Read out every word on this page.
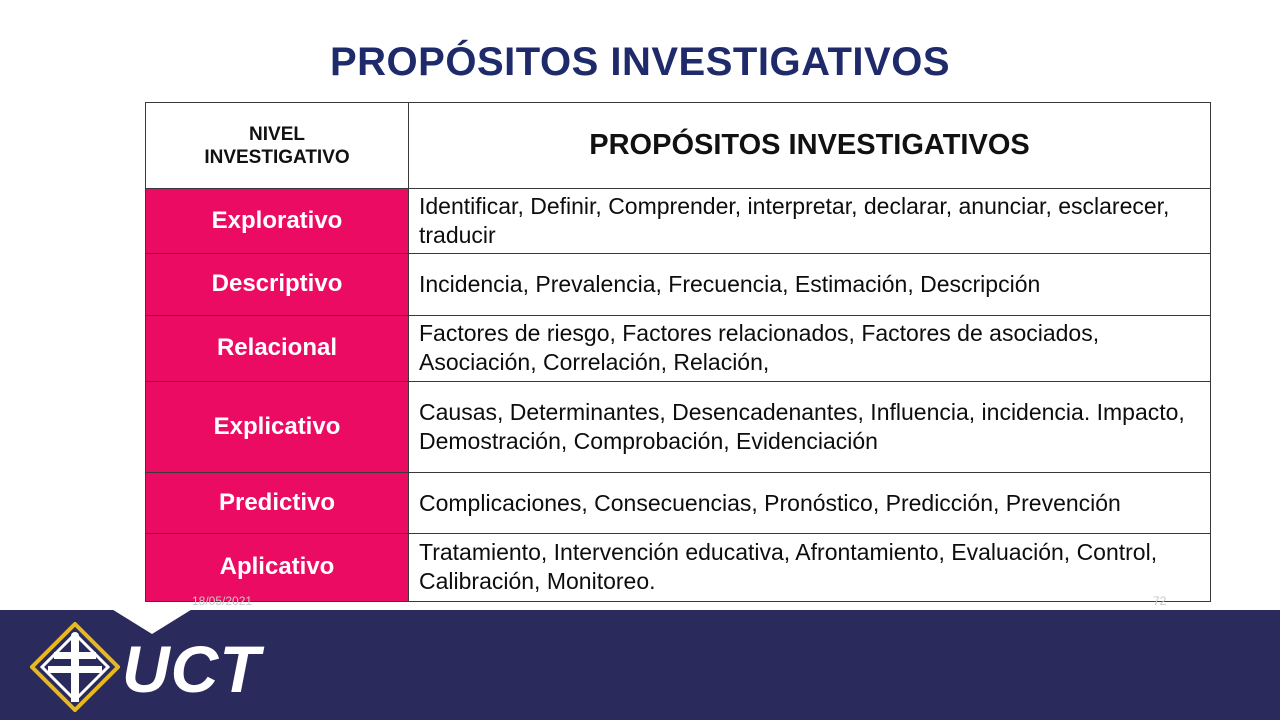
PROPÓSITOS INVESTIGATIVOS
NIVEL INVESTIGATIVO	PROPÓSITOS INVESTIGATIVOS
Explorativo	Identificar, Definir, Comprender, interpretar, declarar, anunciar, esclarecer, traducir
Descriptivo	Incidencia, Prevalencia, Frecuencia, Estimación, Descripción
Relacional	Factores de riesgo, Factores relacionados, Factores de asociados, Asociación, Correlación, Relación,
Explicativo	Causas, Determinantes, Desencadenantes, Influencia, incidencia. Impacto, Demostración, Comprobación, Evidenciación
Predictivo	Complicaciones, Consecuencias, Pronóstico, Predicción, Prevención
Aplicativo	Tratamiento, Intervención educativa, Afrontamiento, Evaluación, Control, Calibración, Monitoreo.
18/05/2021	72
UCT
